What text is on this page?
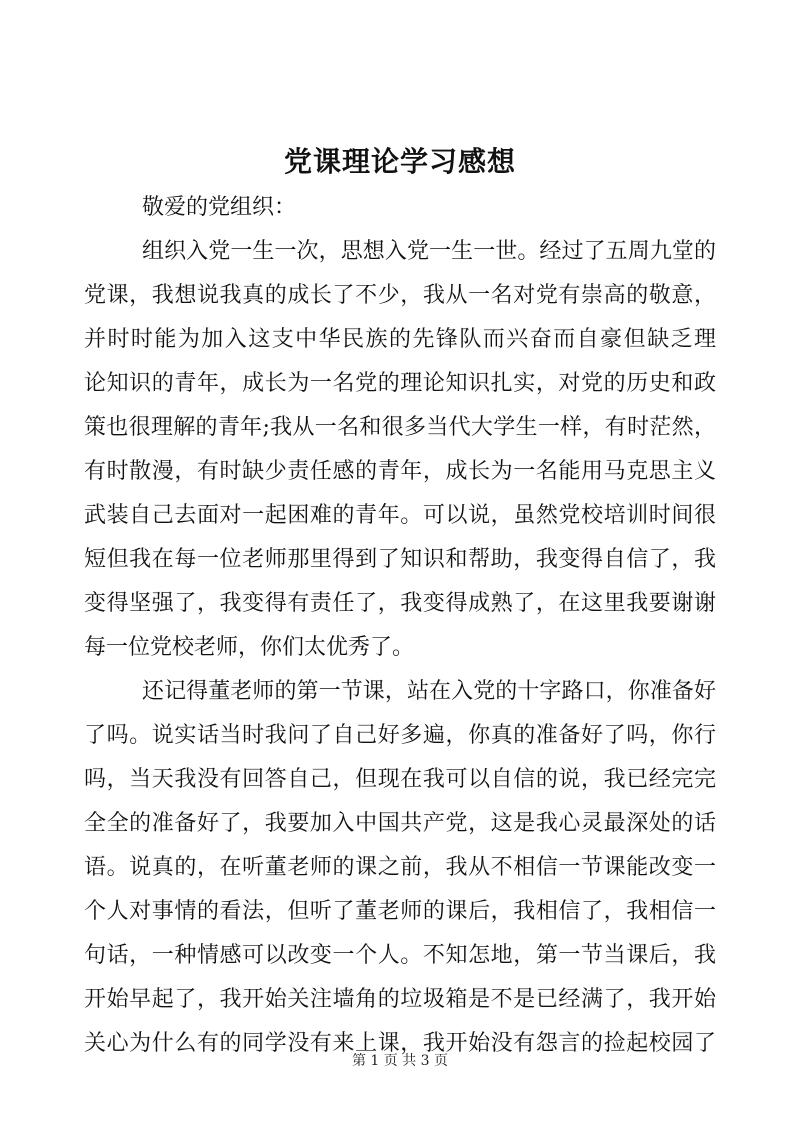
党课理论学习感想
敬爱的党组织：
组织入党一生一次，思想入党一生一世。经过了五周九堂的
党课，我想说我真的成长了不少，我从一名对党有崇高的敬意，
并时时能为加入这支中华民族的先锋队而兴奋而自豪但缺乏理
论知识的青年，成长为一名党的理论知识扎实，对党的历史和政
策也很理解的青年;我从一名和很多当代大学生一样，有时茫然，
有时散漫，有时缺少责任感的青年，成长为一名能用马克思主义
武装自己去面对一起困难的青年。可以说，虽然党校培训时间很
短但我在每一位老师那里得到了知识和帮助，我变得自信了，我
变得坚强了，我变得有责任了，我变得成熟了，在这里我要谢谢
每一位党校老师，你们太优秀了。
还记得董老师的第一节课，站在入党的十字路口，你准备好
了吗。说实话当时我问了自己好多遍，你真的准备好了吗，你行
吗，当天我没有回答自己，但现在我可以自信的说，我已经完完
全全的准备好了，我要加入中国共产党，这是我心灵最深处的话
语。说真的，在听董老师的课之前，我从不相信一节课能改变一
个人对事情的看法，但听了董老师的课后，我相信了，我相信一
句话，一种情感可以改变一个人。不知怎地，第一节当课后，我
开始早起了，我开始关注墙角的垃圾箱是不是已经满了，我开始
关心为什么有的同学没有来上课，我开始没有怨言的捡起校园了
第 1 页 共 3 页
